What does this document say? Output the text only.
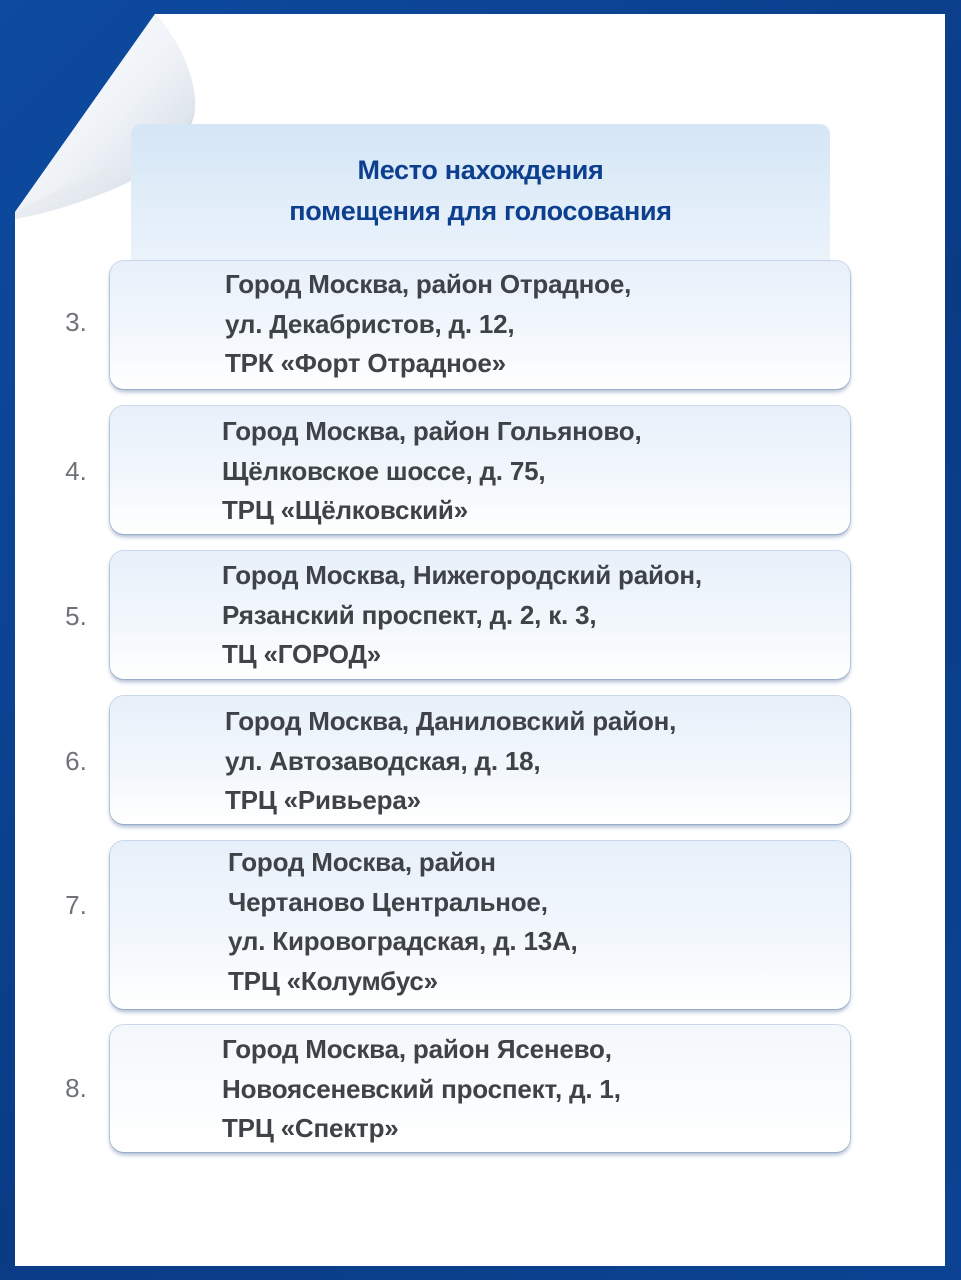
Место нахождения
помещения для голосования
3.
Город Москва, район Отрадное,
ул. Декабристов, д. 12,
ТРК «Форт Отрадное»
4.
Город Москва, район Гольяново,
Щёлковское шоссе, д. 75,
ТРЦ «Щёлковский»
5.
Город Москва, Нижегородский район,
Рязанский проспект, д. 2, к. 3,
ТЦ «ГОРОД»
6.
Город Москва, Даниловский район,
ул. Автозаводская, д. 18,
ТРЦ «Ривьера»
7.
Город Москва, район
Чертаново Центральное,
ул. Кировоградская, д. 13А,
ТРЦ «Колумбус»
8.
Город Москва, район Ясенево,
Новоясеневский проспект, д. 1,
ТРЦ «Спектр»
